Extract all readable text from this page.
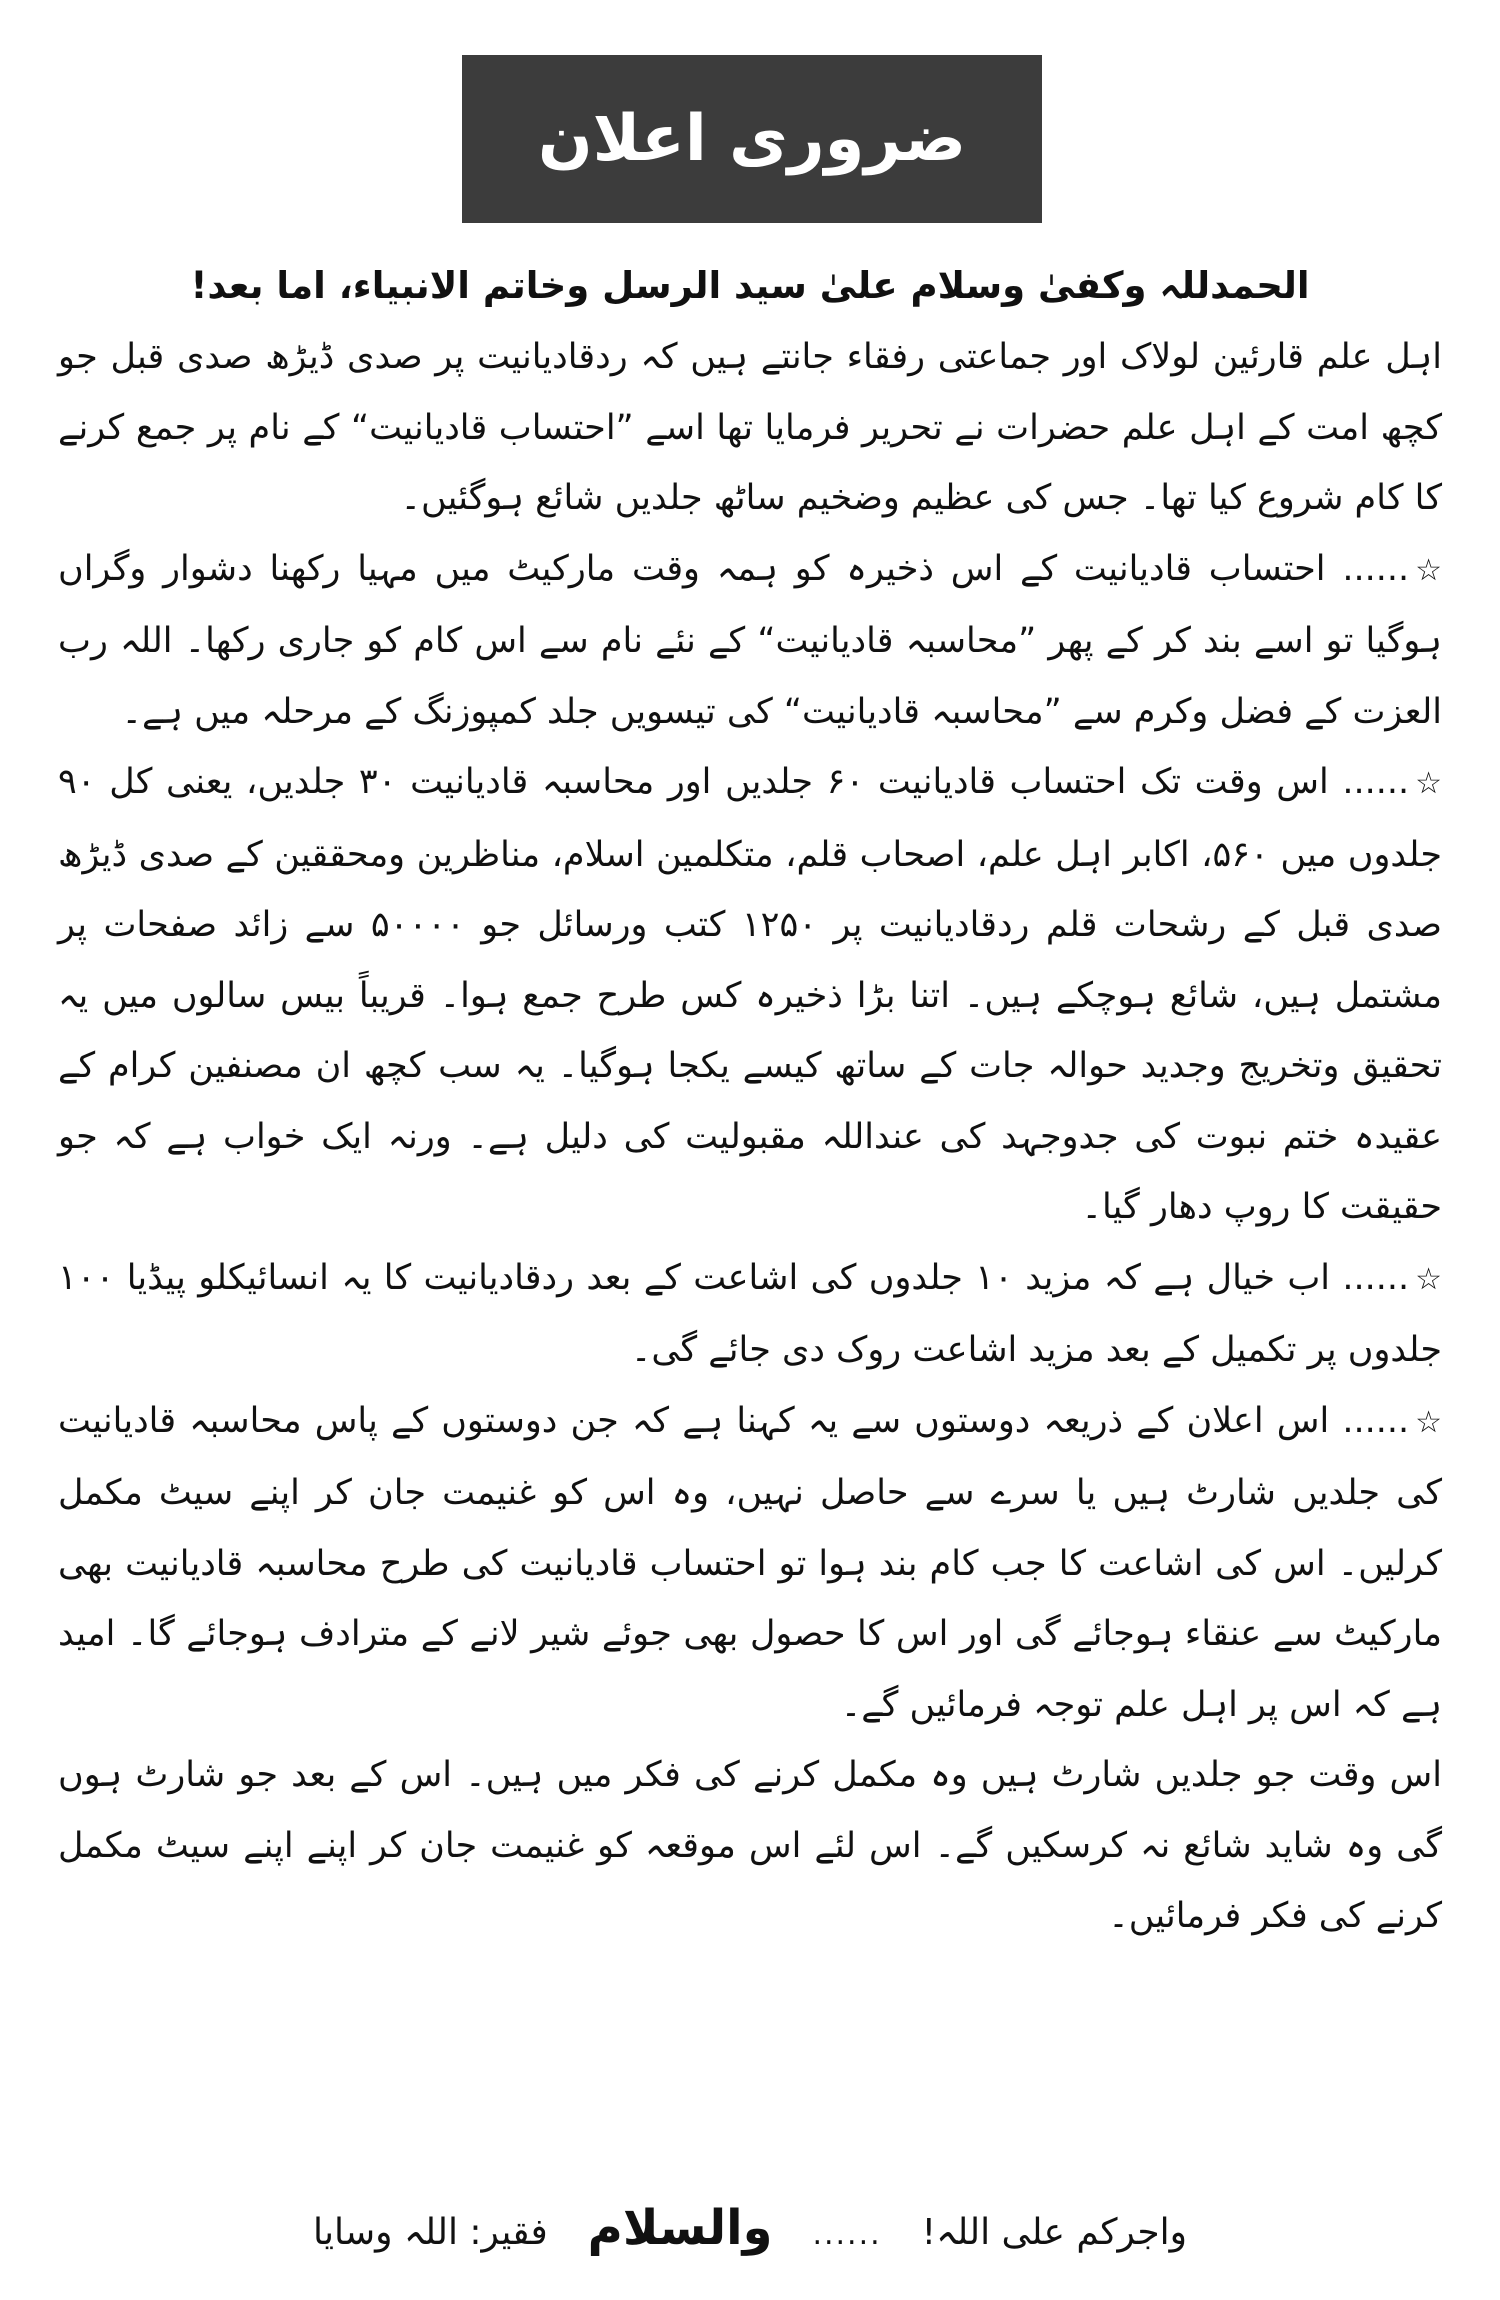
ضروری اعلان
الحمدللہ وکفیٰ وسلام علیٰ سید الرسل وخاتم الانبیاء، اما بعد!

اہل علم قارئین لولاک اور جماعتی رفقاء جانتے ہیں کہ ردقادیانیت پر صدی ڈیڑھ صدی قبل جو کچھ امت کے اہل علم حضرات نے تحریر فرمایا تھا اسے ”احتساب قادیانیت“ کے نام پر جمع کرنے کا کام شروع کیا تھا۔ جس کی عظیم وضخیم ساٹھ جلدیں شائع ہوگئیں۔

☆...... احتساب قادیانیت کے اس ذخیرہ کو ہمہ وقت مارکیٹ میں مہیا رکھنا دشوار وگراں ہوگیا تو اسے بند کر کے پھر ”محاسبہ قادیانیت“ کے نئے نام سے اس کام کو جاری رکھا۔ اللہ رب العزت کے فضل وکرم سے ”محاسبہ قادیانیت“ کی تیسویں جلد کمپوزنگ کے مرحلہ میں ہے۔

☆...... اس وقت تک احتساب قادیانیت ۶۰ جلدیں اور محاسبہ قادیانیت ۳۰ جلدیں، یعنی کل ۹۰ جلدوں میں ۵۶۰، اکابر اہل علم، اصحاب قلم، متکلمین اسلام، مناظرین ومحققین کے صدی ڈیڑھ صدی قبل کے رشحات قلم ردقادیانیت پر ۱۲۵۰ کتب ورسائل جو ۵۰۰۰۰ سے زائد صفحات پر مشتمل ہیں، شائع ہوچکے ہیں۔ اتنا بڑا ذخیرہ کس طرح جمع ہوا۔ قریباً بیس سالوں میں یہ تحقیق وتخریج وجدید حوالہ جات کے ساتھ کیسے یکجا ہوگیا۔ یہ سب کچھ ان مصنفین کرام کے عقیدہ ختم نبوت کی جدوجہد کی عنداللہ مقبولیت کی دلیل ہے۔ ورنہ ایک خواب ہے کہ جو حقیقت کا روپ دھار گیا۔

☆...... اب خیال ہے کہ مزید ۱۰ جلدوں کی اشاعت کے بعد ردقادیانیت کا یہ انسائیکلو پیڈیا ۱۰۰ جلدوں پر تکمیل کے بعد مزید اشاعت روک دی جائے گی۔

☆...... اس اعلان کے ذریعہ دوستوں سے یہ کہنا ہے کہ جن دوستوں کے پاس محاسبہ قادیانیت کی جلدیں شارٹ ہیں یا سرے سے حاصل نہیں، وہ اس کو غنیمت جان کر اپنے سیٹ مکمل کرلیں۔ اس کی اشاعت کا جب کام بند ہوا تو احتساب قادیانیت کی طرح محاسبہ قادیانیت بھی مارکیٹ سے عنقاء ہوجائے گی اور اس کا حصول بھی جوئے شیر لانے کے مترادف ہوجائے گا۔ امید ہے کہ اس پر اہل علم توجہ فرمائیں گے۔

اس وقت جو جلدیں شارٹ ہیں وہ مکمل کرنے کی فکر میں ہیں۔ اس کے بعد جو شارٹ ہوں گی وہ شاید شائع نہ کرسکیں گے۔ اس لئے اس موقعہ کو غنیمت جان کر اپنے اپنے سیٹ مکمل کرنے کی فکر فرمائیں۔

واجرکم علی اللہ!
......
والسلام
فقیر: اللہ وسایا
